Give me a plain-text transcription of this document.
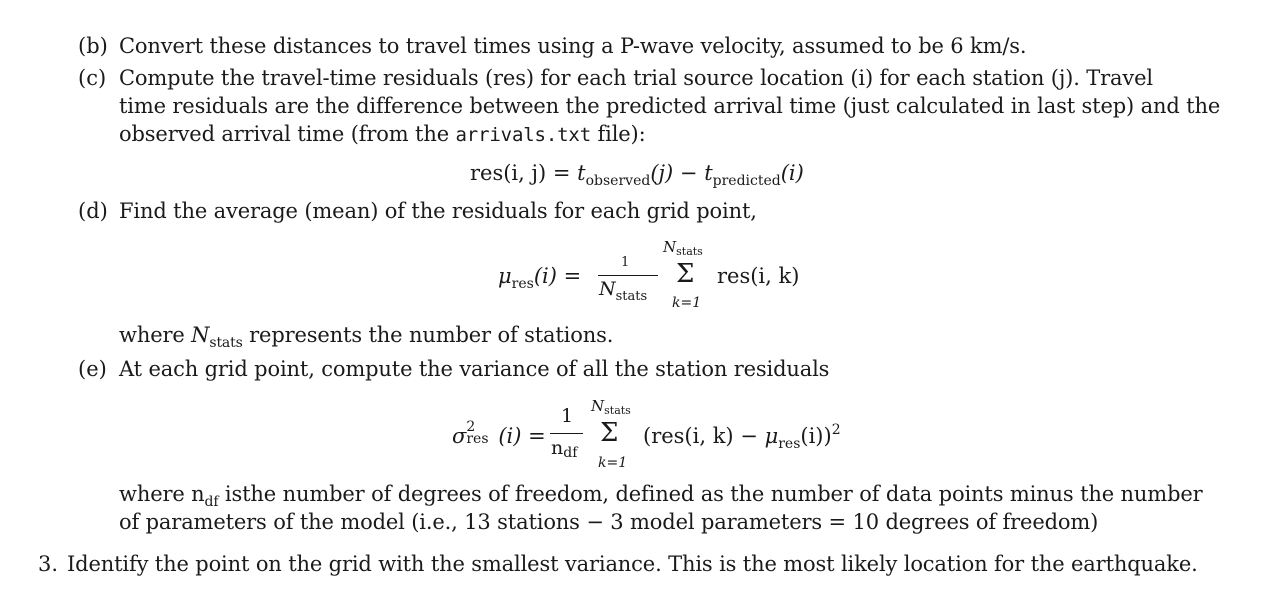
(b) Convert these distances to travel times using a P-wave velocity, assumed to be 6 km/s.
(c) Compute the travel-time residuals (res) for each trial source location (i) for each station (j). Travel
time residuals are the difference between the predicted arrival time (just calculated in last step) and the
observed arrival time (from the arrivals.txt file):
res(i, $j) = t_{observed}(j) - t_{predicted}(i)$
(d) Find the average (mean) of the residuals for each grid point,
$\mu_{res}(i)$ =
1
$N_{stats}$
$N_{stats}$
Σ
k=1
res(i, k)
where $N_{stats}$ represents the number of stations.
(e) At each grid point, compute the variance of all the station residuals
σ 2
res (i) =
1
ndf
$N_{stats}$
Σ
k=1
(res(i, $k) - \mu_{res}(i))^2$
where $n_{df}$ isthe number of degrees of freedom, defined as the number of data points minus the number
of parameters of the model (i.e., 13 stations − 3 model parameters = 10 degrees of freedom)
3. Identify the point on the grid with the smallest variance. This is the most likely location for the earthquake.
